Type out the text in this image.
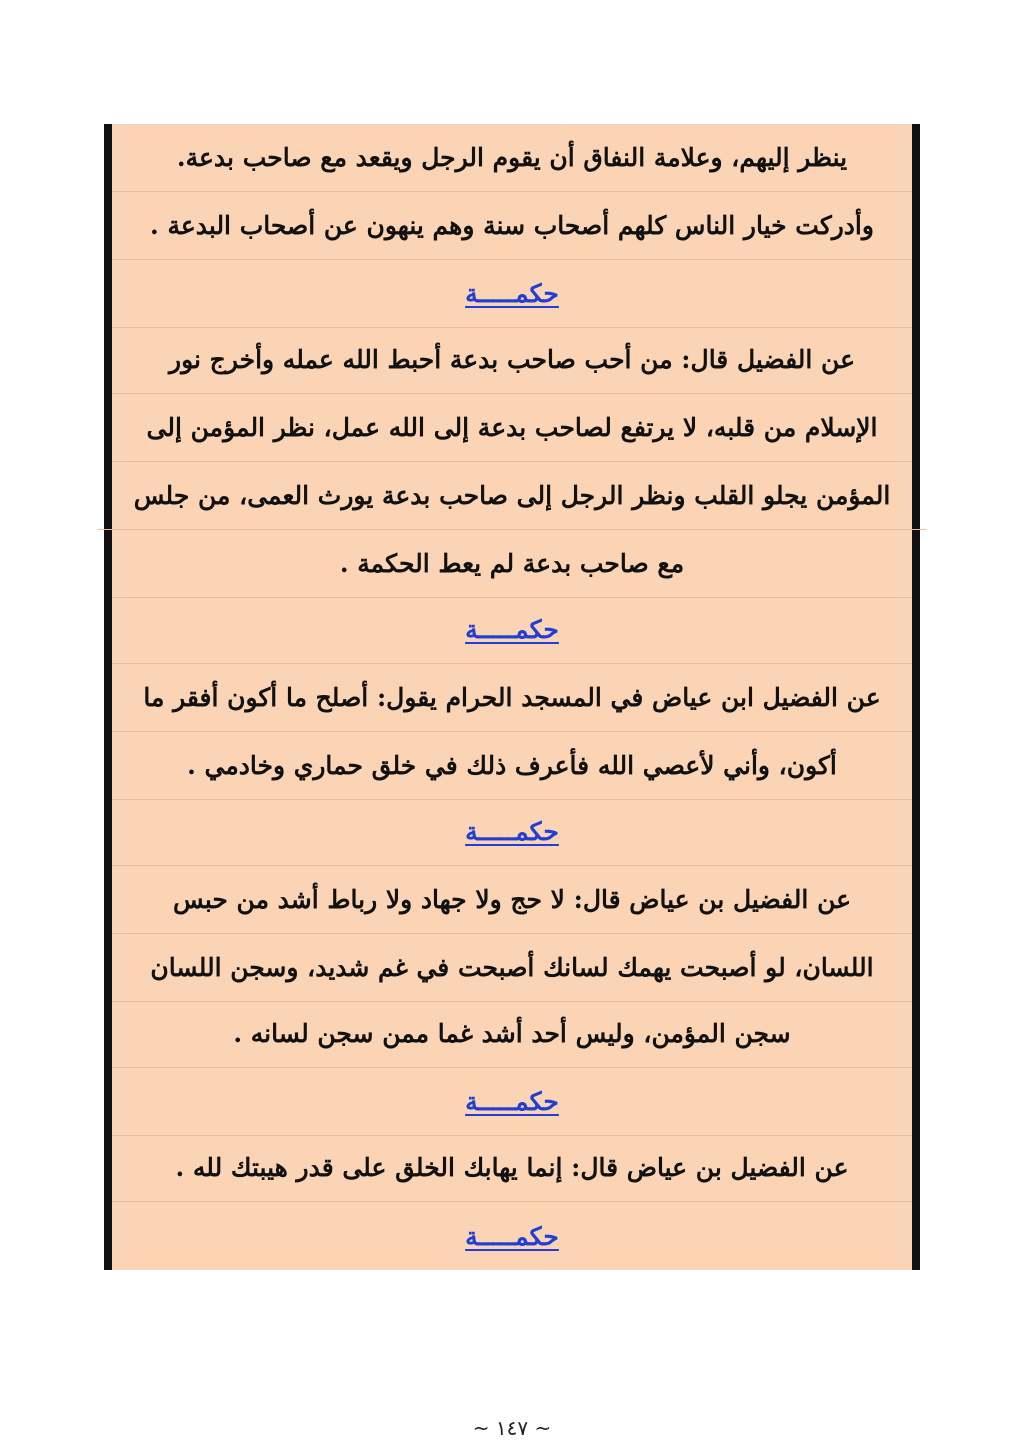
ينظر إليهم، وعلامة النفاق أن يقوم الرجل ويقعد مع صاحب بدعة.
وأدركت خيار الناس كلهم أصحاب سنة وهم ينهون عن أصحاب البدعة .
حكمـــــة
عن الفضيل قال: من أحب صاحب بدعة أحبط الله عمله وأخرج نور
الإسلام من قلبه، لا يرتفع لصاحب بدعة إلى الله عمل، نظر المؤمن إلى
المؤمن يجلو القلب ونظر الرجل إلى صاحب بدعة يورث العمى، من جلس
مع صاحب بدعة لم يعط الحكمة .
حكمـــــة
عن الفضيل ابن عياض في المسجد الحرام يقول: أصلح ما أكون أفقر ما
أكون، وأني لأعصي الله فأعرف ذلك في خلق حماري وخادمي .
حكمـــــة
عن الفضيل بن عياض قال: لا حج ولا جهاد ولا رباط أشد من حبس
اللسان، لو أصبحت يهمك لسانك أصبحت في غم شديد، وسجن اللسان
سجن المؤمن، وليس أحد أشد غما ممن سجن لسانه .
حكمـــــة
عن الفضيل بن عياض قال: إنما يهابك الخلق على قدر هيبتك لله .
حكمـــــة
~ ١٤٧ ~
